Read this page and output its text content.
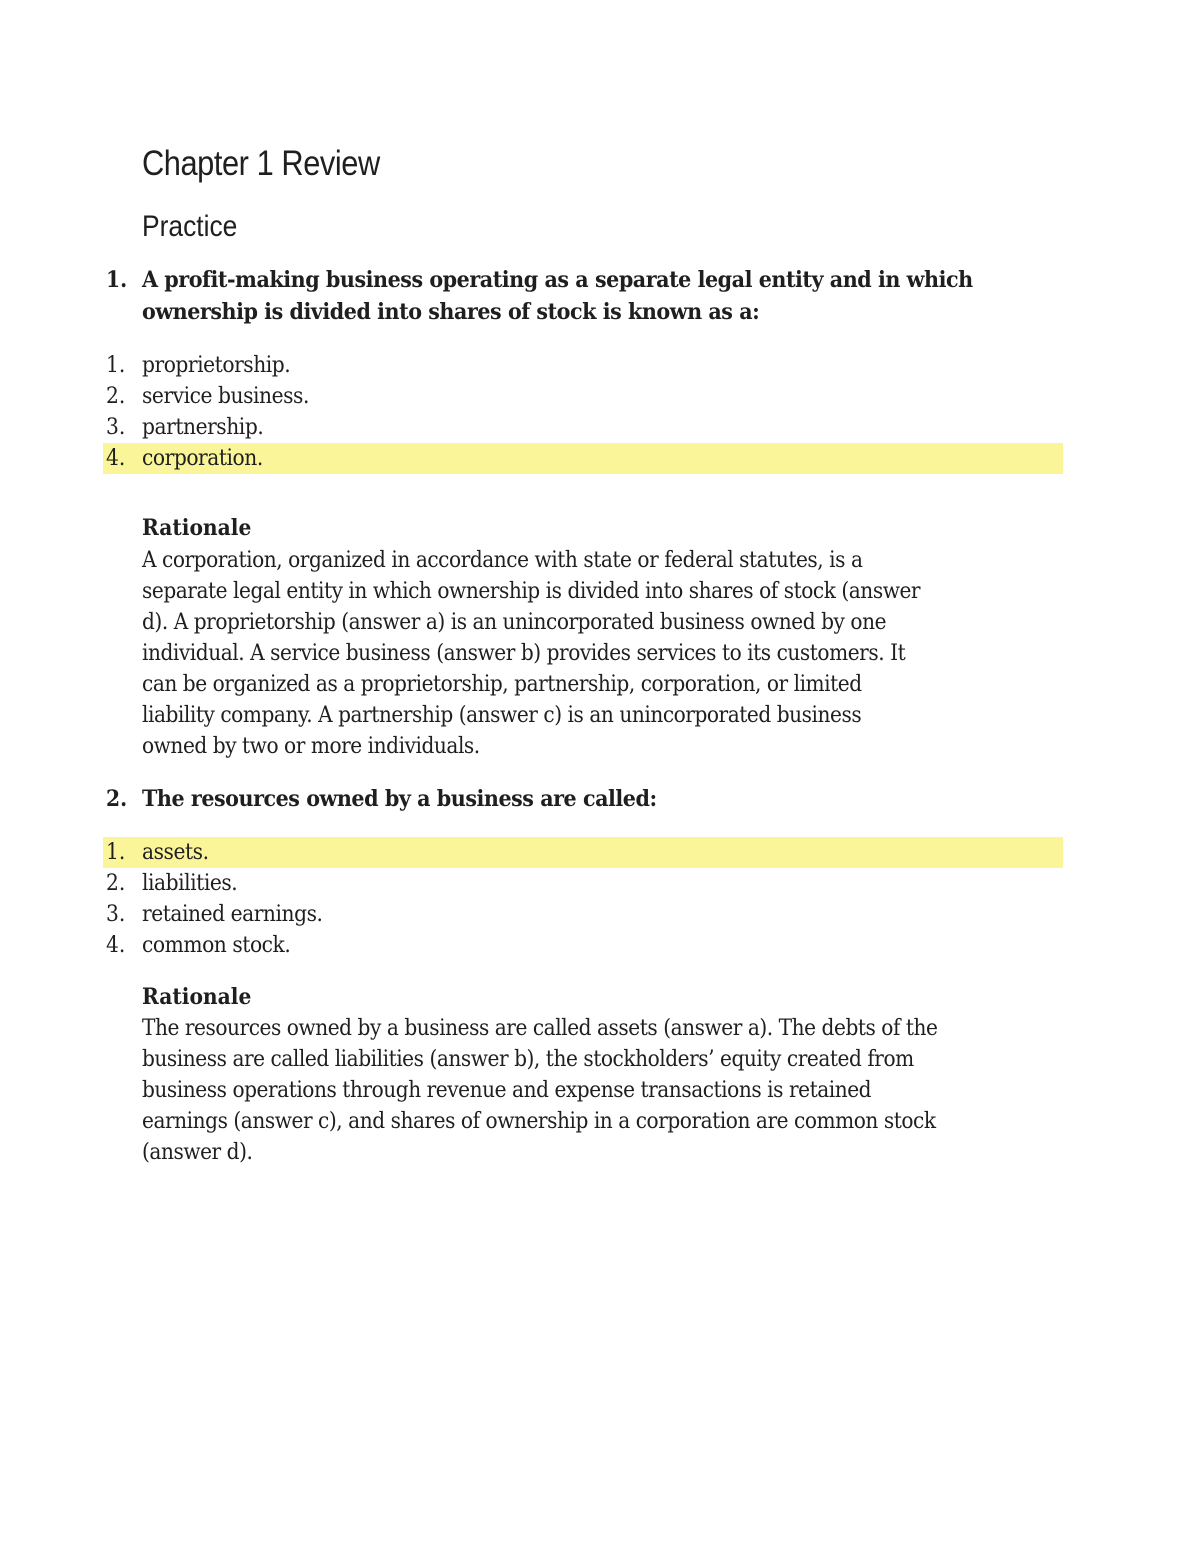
Chapter 1 Review
Practice
1. A profit-making business operating as a separate legal entity and in which
ownership is divided into shares of stock is known as a:
1. proprietorship.
2. service business.
3. partnership.
4. corporation.
Rationale
A corporation, organized in accordance with state or federal statutes, is a
separate legal entity in which ownership is divided into shares of stock (answer
d). A proprietorship (answer a) is an unincorporated business owned by one
individual. A service business (answer b) provides services to its customers. It
can be organized as a proprietorship, partnership, corporation, or limited
liability company. A partnership (answer c) is an unincorporated business
owned by two or more individuals.
2. The resources owned by a business are called:
1. assets.
2. liabilities.
3. retained earnings.
4. common stock.
Rationale
The resources owned by a business are called assets (answer a). The debts of the
business are called liabilities (answer b), the stockholders’ equity created from
business operations through revenue and expense transactions is retained
earnings (answer c), and shares of ownership in a corporation are common stock
(answer d).
